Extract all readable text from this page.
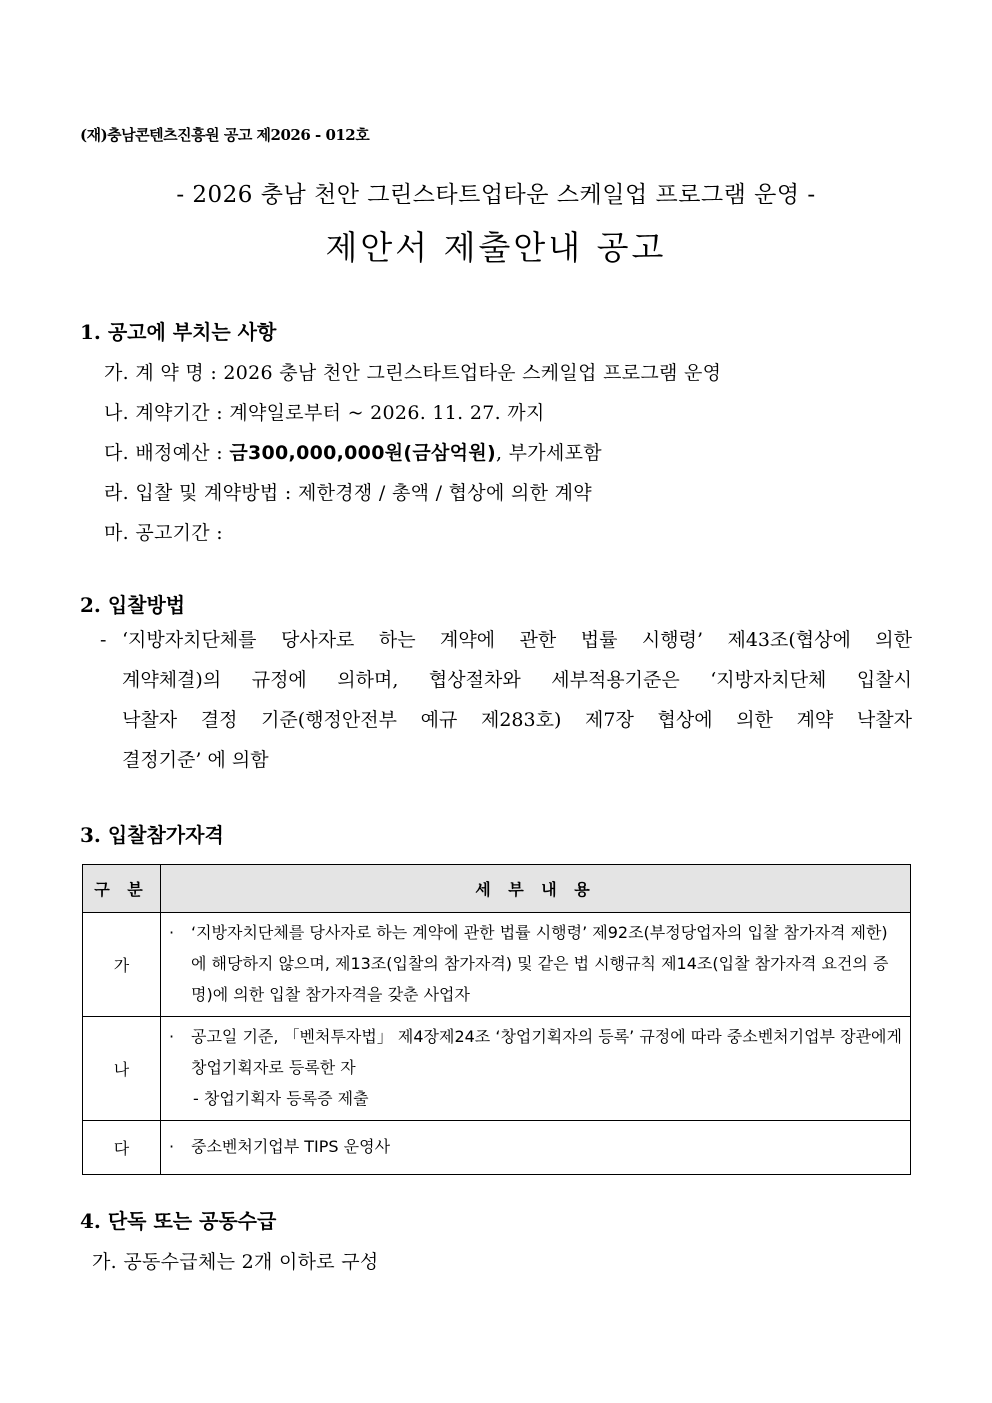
(재)충남콘텐츠진흥원 공고 제2026 - 012호
- 2026 충남 천안 그린스타트업타운 스케일업 프로그램 운영 -
제안서 제출안내 공고
1. 공고에 부치는 사항
가. 계 약 명 : 2026 충남 천안 그린스타트업타운 스케일업 프로그램 운영
나. 계약기간 : 계약일로부터 ~ 2026. 11. 27. 까지
다. 배정예산 : 금300,000,000원(금삼억원), 부가세포함
라. 입찰 및 계약방법 : 제한경쟁 / 총액 / 협상에 의한 계약
마. 공고기간 :
2. 입찰방법
- ‘지방자치단체를 당사자로 하는 계약에 관한 법률 시행령’ 제43조(협상에 의한
계약체결)의 규정에 의하며, 협상절차와 세부적용기준은 ‘지방자치단체 입찰시
낙찰자 결정 기준(행정안전부 예규 제283호) 제7장 협상에 의한 계약 낙찰자
결정기준’ 에 의함
3. 입찰참가자격
구 분	세 부 내 용
가	· ‘지방자치단체를 당사자로 하는 계약에 관한 법률 시행령’ 제92조(부정당업자의 입찰 참가자격 제한)에 해당하지 않으며, 제13조(입찰의 참가자격) 및 같은 법 시행규칙 제14조(입찰 참가자격 요건의 증명)에 의한 입찰 참가자격을 갖춘 사업자

나	· 공고일 기준, 「벤처투자법」 제4장제24조 ‘창업기획자의 등록’ 규정에 따라 중소벤처기업부 장관에게 창업기획자로 등록한 자
- 창업기획자 등록증 제출

다	· 중소벤처기업부 TIPS 운영사
4. 단독 또는 공동수급
가. 공동수급체는 2개 이하로 구성
